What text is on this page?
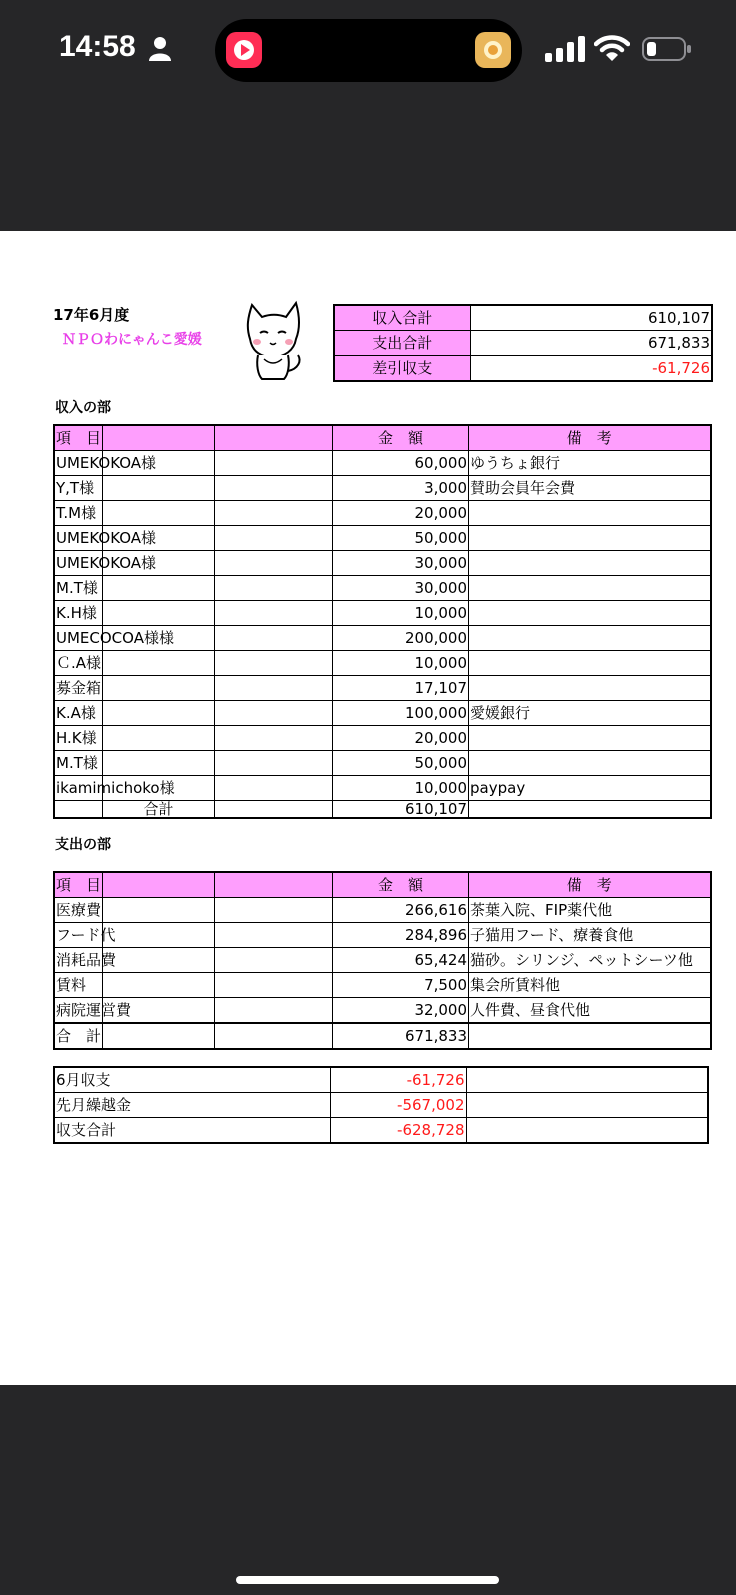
14:58
17年6月度
ＮＰＯわにゃんこ愛媛
収入合計	610,107
支出合計	671,833
差引収支	-61,726
収入の部
項　目			金　額	備　考

UMEKOKOA様			60,000	ゆうちょ銀行

Y,T様			3,000	賛助会員年会費

T.M様			20,000	

UMEKOKOA様			50,000	

UMEKOKOA様			30,000	

M.T様			30,000	

K.H様			10,000	

UMECOCOA様様			200,000	

Ｃ.A様			10,000	

募金箱			17,107	

K.A様			100,000	愛媛銀行

H.K様			20,000	

M.T様			50,000	

ikamimichoko様			10,000	paypay
	合計		610,107	
支出の部
項　目			金　額	備　考

医療費			266,616	茶葉入院、FIP薬代他

フード代			284,896	子猫用フード、療養食他

消耗品費			65,424	猫砂。シリンジ、ペットシーツ他

賃料			7,500	集会所賃料他

病院運営費			32,000	人件費、昼食代他
合　計			671,833	
6月収支	-61,726	
先月繰越金	-567,002	
収支合計	-628,728	
